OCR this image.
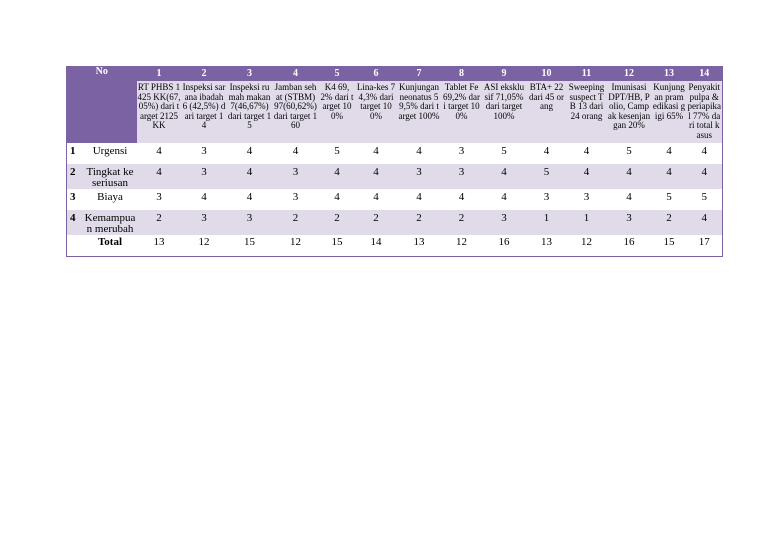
No		1	2	3	4	5	6	7	8	9	10	11	12	13	14
		RT PHBS 1425 KK(67,05%) dari target 2125 KK	Inspeksi sarana ibadah 6 (42,5%) dari target 14	Inspeksi rumah makan 7(46,67%) dari target 15	Jamban sehat (STBM) 97(60,62%) dari target 160	K4 69,2% dari target 100%	Lina-kes 74,3% dari target 100%	Kunjungan neonatus 59,5% dari target 100%	Tablet Fe 69,2% dari target 100%	ASI eksklusif 71,05% dari target 100%	BTA+ 22 dari 45 orang	Sweeping suspect TB 13 dari 24 orang	Imunisasi DPT/HB, Polio, Campak kesenjangan 20%	Kunjungan pramedikasi gigi 65%	Penyakit pulpa &periapikal 77% dari total kasus
1	Urgensi	4	3	4	4	5	4	4	3	5	4	4	5	4	4
2	Tingkat keseriusan	4	3	4	3	4	4	3	3	4	5	4	4	4	4
3	Biaya	3	4	4	3	4	4	4	4	4	3	3	4	5	5
4	Kemampuan merubah	2	3	3	2	2	2	2	2	3	1	1	3	2	4
	Total	13	12	15	12	15	14	13	12	16	13	12	16	15	17
